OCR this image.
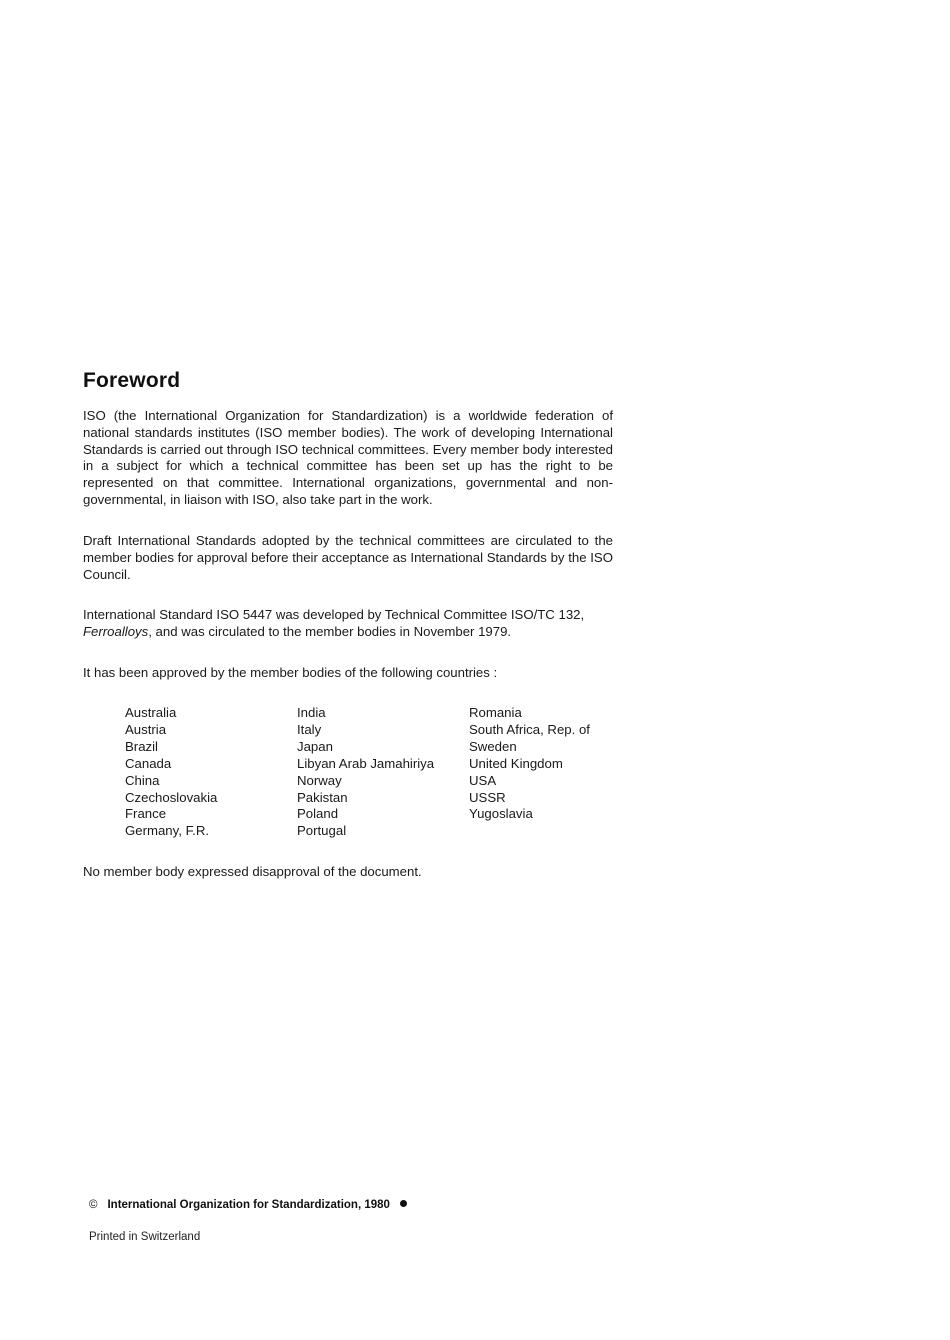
Foreword

ISO (the International Organization for Standardization) is a worldwide federation of national standards institutes (ISO member bodies). The work of developing International Standards is carried out through ISO technical committees. Every member body interested in a subject for which a technical committee has been set up has the right to be represented on that committee. International organizations, governmental and non-governmental, in liaison with ISO, also take part in the work.

Draft International Standards adopted by the technical committees are circulated to the member bodies for approval before their acceptance as International Standards by the ISO Council.

International Standard ISO 5447 was developed by Technical Committee ISO/TC 132,
Ferroalloys, and was circulated to the member bodies in November 1979.

It has been approved by the member bodies of the following countries :

Australia
Austria
Brazil
Canada
China
Czechoslovakia
France
Germany, F.R.
India
Italy
Japan
Libyan Arab Jamahiriya
Norway
Pakistan
Poland
Portugal
Romania
South Africa, Rep. of
Sweden
United Kingdom
USA
USSR
Yugoslavia

No member body expressed disapproval of the document.

© International Organization for Standardization, 1980
Printed in Switzerland
